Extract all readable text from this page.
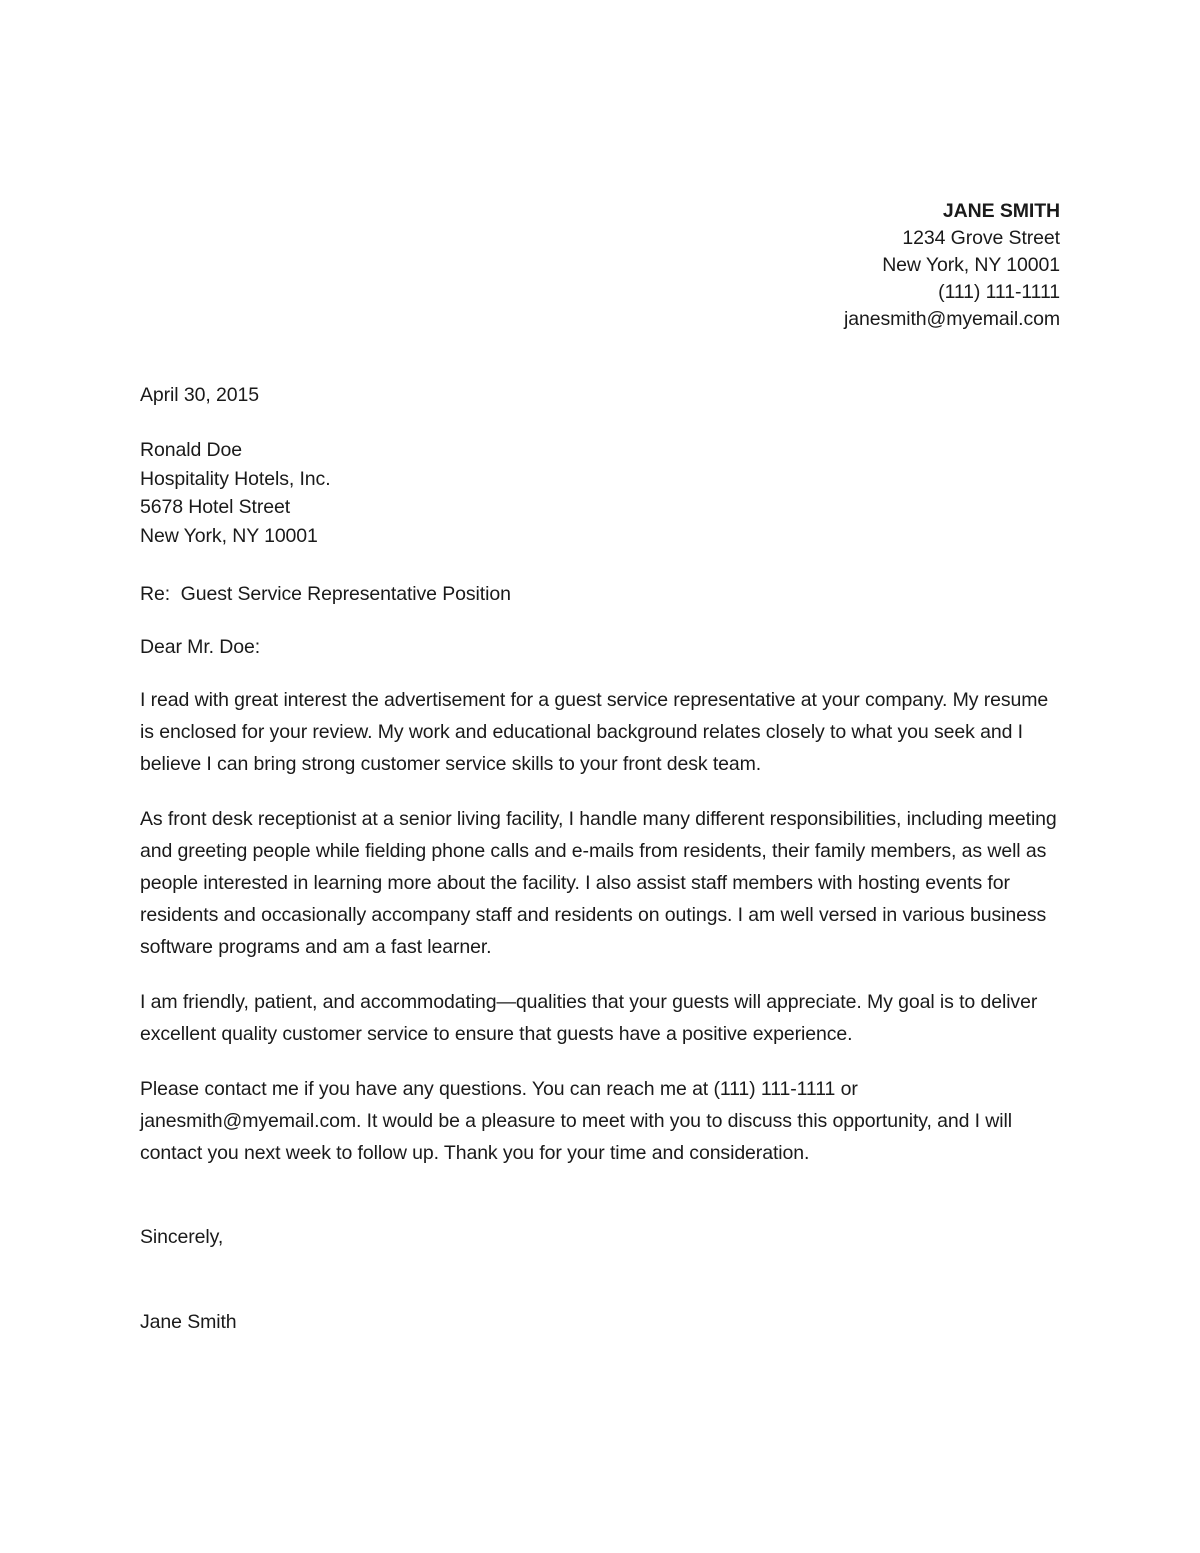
JANE SMITH
1234 Grove Street
New York, NY 10001
(111) 111-1111
janesmith@myemail.com
April 30, 2015
Ronald Doe
Hospitality Hotels, Inc.
5678 Hotel Street
New York, NY 10001
Re:  Guest Service Representative Position
Dear Mr. Doe:

I read with great interest the advertisement for a guest service representative at your company. My resume is enclosed for your review. My work and educational background relates closely to what you seek and I believe I can bring strong customer service skills to your front desk team.

As front desk receptionist at a senior living facility, I handle many different responsibilities, including meeting and greeting people while fielding phone calls and e-mails from residents, their family members, as well as people interested in learning more about the facility. I also assist staff members with hosting events for residents and occasionally accompany staff and residents on outings. I am well versed in various business software programs and am a fast learner.

I am friendly, patient, and accommodating—qualities that your guests will appreciate. My goal is to deliver excellent quality customer service to ensure that guests have a positive experience.

Please contact me if you have any questions. You can reach me at (111) 111-1111 or janesmith@myemail.com. It would be a pleasure to meet with you to discuss this opportunity, and I will contact you next week to follow up. Thank you for your time and consideration.

Sincerely,
Jane Smith
